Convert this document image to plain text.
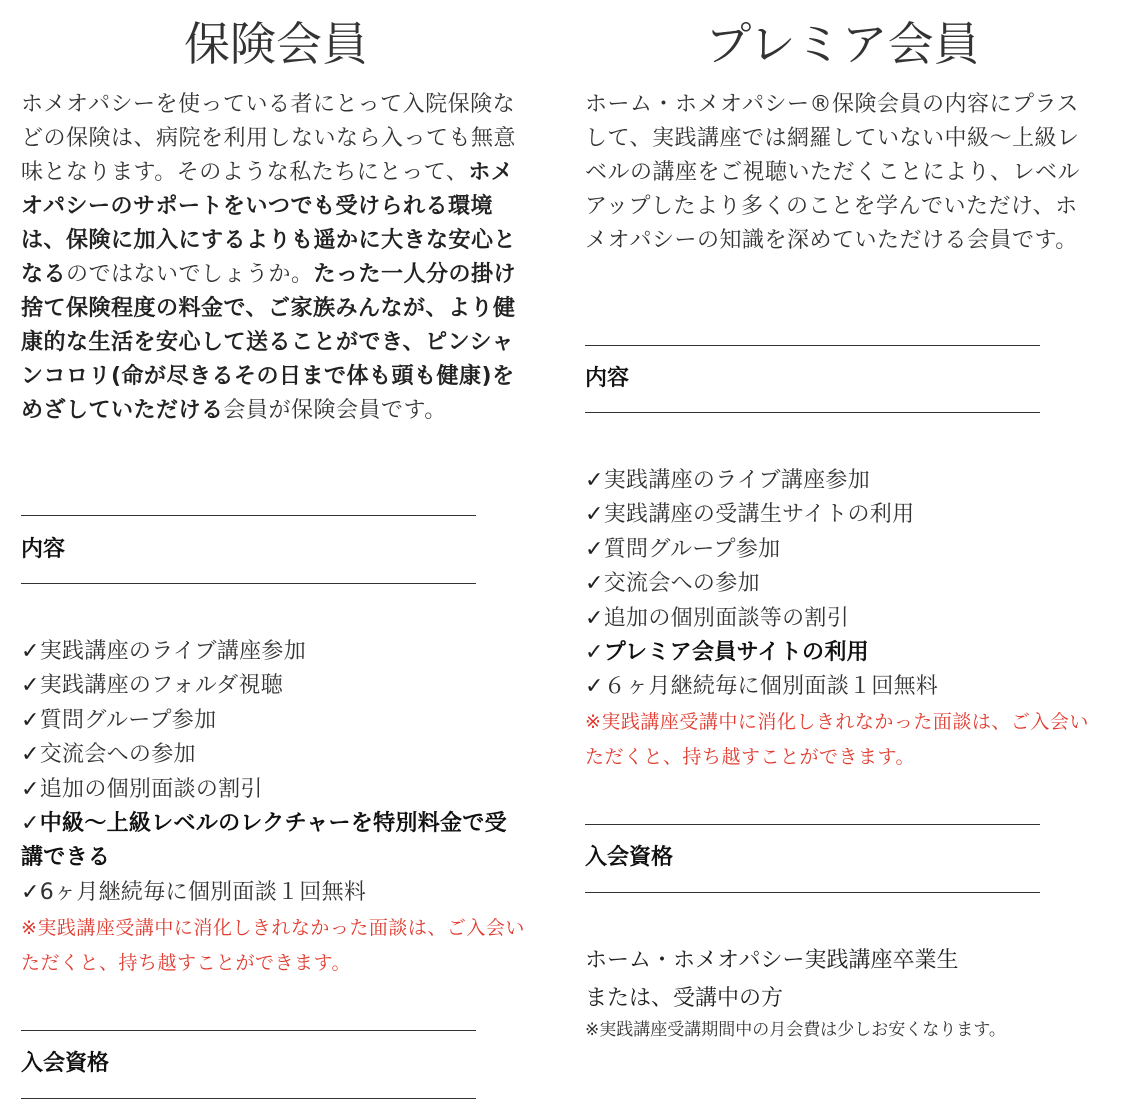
保険会員

ホメオパシーを使っている者にとって入院保険などの保険は、病院を利用しないなら入っても無意味となります。そのような私たちにとって、ホメオパシーのサポートをいつでも受けられる環境は、保険に加入にするよりも遥かに大きな安心となるのではないでしょうか。たった一人分の掛け捨て保険程度の料金で、ご家族みんなが、より健康的な生活を安心して送ることができ、ピンシャンコロリ(命が尽きるその日まで体も頭も健康)をめざしていただける会員が保険会員です。

内容
✓実践講座のライブ講座参加
✓実践講座のフォルダ視聴
✓質問グループ参加
✓交流会への参加
✓追加の個別面談の割引
✓中級～上級レベルのレクチャーを特別料金で受講できる
✓6ヶ月継続毎に個別面談１回無料

※実践講座受講中に消化しきれなかった面談は、ご入会いただくと、持ち越すことができます。

入会資格
プレミア会員

ホーム・ホメオパシー®保険会員の内容にプラスして、実践講座では網羅していない中級～上級レベルの講座をご視聴いただくことにより、レベルアップしたより多くのことを学んでいただけ、ホメオパシーの知識を深めていただける会員です。

内容
✓実践講座のライブ講座参加
✓実践講座の受講生サイトの利用
✓質問グループ参加
✓交流会への参加
✓追加の個別面談等の割引
✓プレミア会員サイトの利用
✓６ヶ月継続毎に個別面談１回無料

※実践講座受講中に消化しきれなかった面談は、ご入会いただくと、持ち越すことができます。

入会資格
ホーム・ホメオパシー実践講座卒業生
または、受講中の方

※実践講座受講期間中の月会費は少しお安くなります。
